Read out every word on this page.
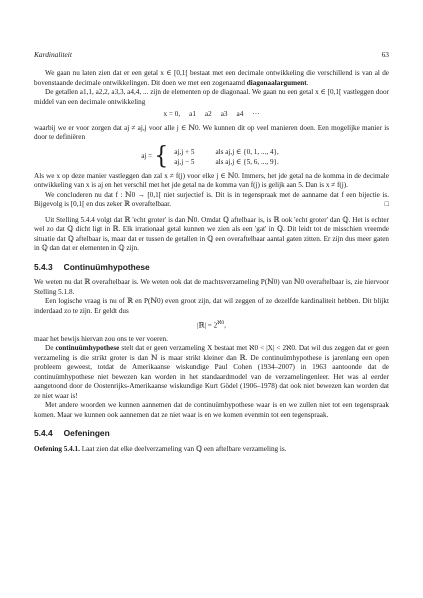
Kardinaliteit	63

We gaan nu laten zien dat er een getal x ∈ [0,1[ bestaat met een decimale ontwikkeling die verschillend is van al de bovenstaande decimale ontwikkelingen. Dit doen we met een zogenaamd diagonaalargument.

De getallen a1,1, a2,2, a3,3, a4,4, ... zijn de elementen op de diagonaal. We gaan nu een getal x ∈ [0,1[ vastleggen door middel van een decimale ontwikkeling

x = 0, a1 a2 a3 a4 ···

waarbij we er voor zorgen dat aj ≠ aj,j voor alle j ∈ ℕ0. We kunnen dit op veel manieren doen. Een mogelijke manier is door te definiëren

aj = { aj,j + 5	als aj,j ∈ {0, 1, ..., 4},
aj,j − 5	als aj,j ∈ {5, 6, ..., 9}.

Als we x op deze manier vastleggen dan zal x ≠ f(j) voor elke j ∈ ℕ0. Immers, het jde getal na de komma in de decimale ontwikkeling van x is aj en het verschil met het jde getal na de komma van f(j) is gelijk aan 5. Dan is x ≠ f(j).

We concluderen nu dat f : ℕ0 → [0,1[ niet surjectief is. Dit is in tegenspraak met de aanname dat f een bijectie is. Bijgevolg is [0,1[ en dus zeker ℝ overaftelbaar.	□

Uit Stelling 5.4.4 volgt dat ℝ 'echt groter' is dan ℕ0. Omdat ℚ aftelbaar is, is ℝ ook 'echt groter' dan ℚ. Het is echter wel zo dat ℚ dicht ligt in ℝ. Elk irrationaal getal kunnen we zien als een 'gat' in ℚ. Dit leidt tot de misschien vreemde situatie dat ℚ aftelbaar is, maar dat er tussen de getallen in ℚ een overaftelbaar aantal gaten zitten. Er zijn dus meer gaten in ℚ dan dat er elementen in ℚ zijn.

5.4.3 Continuümhypothese

We weten nu dat ℝ overaftelbaar is. We weten ook dat de machtsverzameling P(ℕ0) van ℕ0 overaftelbaar is, zie hiervoor Stelling 5.1.8.

Een logische vraag is nu of ℝ en P(ℕ0) even groot zijn, dat wil zeggen of ze dezelfde kardinaliteit hebben. Dit blijkt inderdaad zo te zijn. Er geldt dus

|ℝ| = $2^{ℵ0}$,

maar het bewijs hiervan zou ons te ver voeren.

De continuümhypothese stelt dat er geen verzameling X bestaat met ℵ0 < |X| < 2ℵ0. Dat wil dus zeggen dat er geen verzameling is die strikt groter is dan ℕ is maar strikt kleiner dan ℝ. De continuümhypothese is jarenlang een open probleem geweest, totdat de Amerikaanse wiskundige Paul Cohen (1934–2007) in 1963 aantoonde dat de continuümhypothese niet bewezen kan worden in het standaardmodel van de verzamelingenleer. Het was al eerder aangetoond door de Oostenrijks-Amerikaanse wiskundige Kurt Gödel (1906–1978) dat ook niet bewezen kan worden dat ze niet waar is!

Met andere woorden we kunnen aannemen dat de continuümhypothese waar is en we zullen niet tot een tegenspraak komen. Maar we kunnen ook aannemen dat ze niet waar is en we komen evenmin tot een tegenspraak.

5.4.4 Oefeningen

Oefening 5.4.1. Laat zien dat elke deelverzameling van ℚ een aftelbare verzameling is.
